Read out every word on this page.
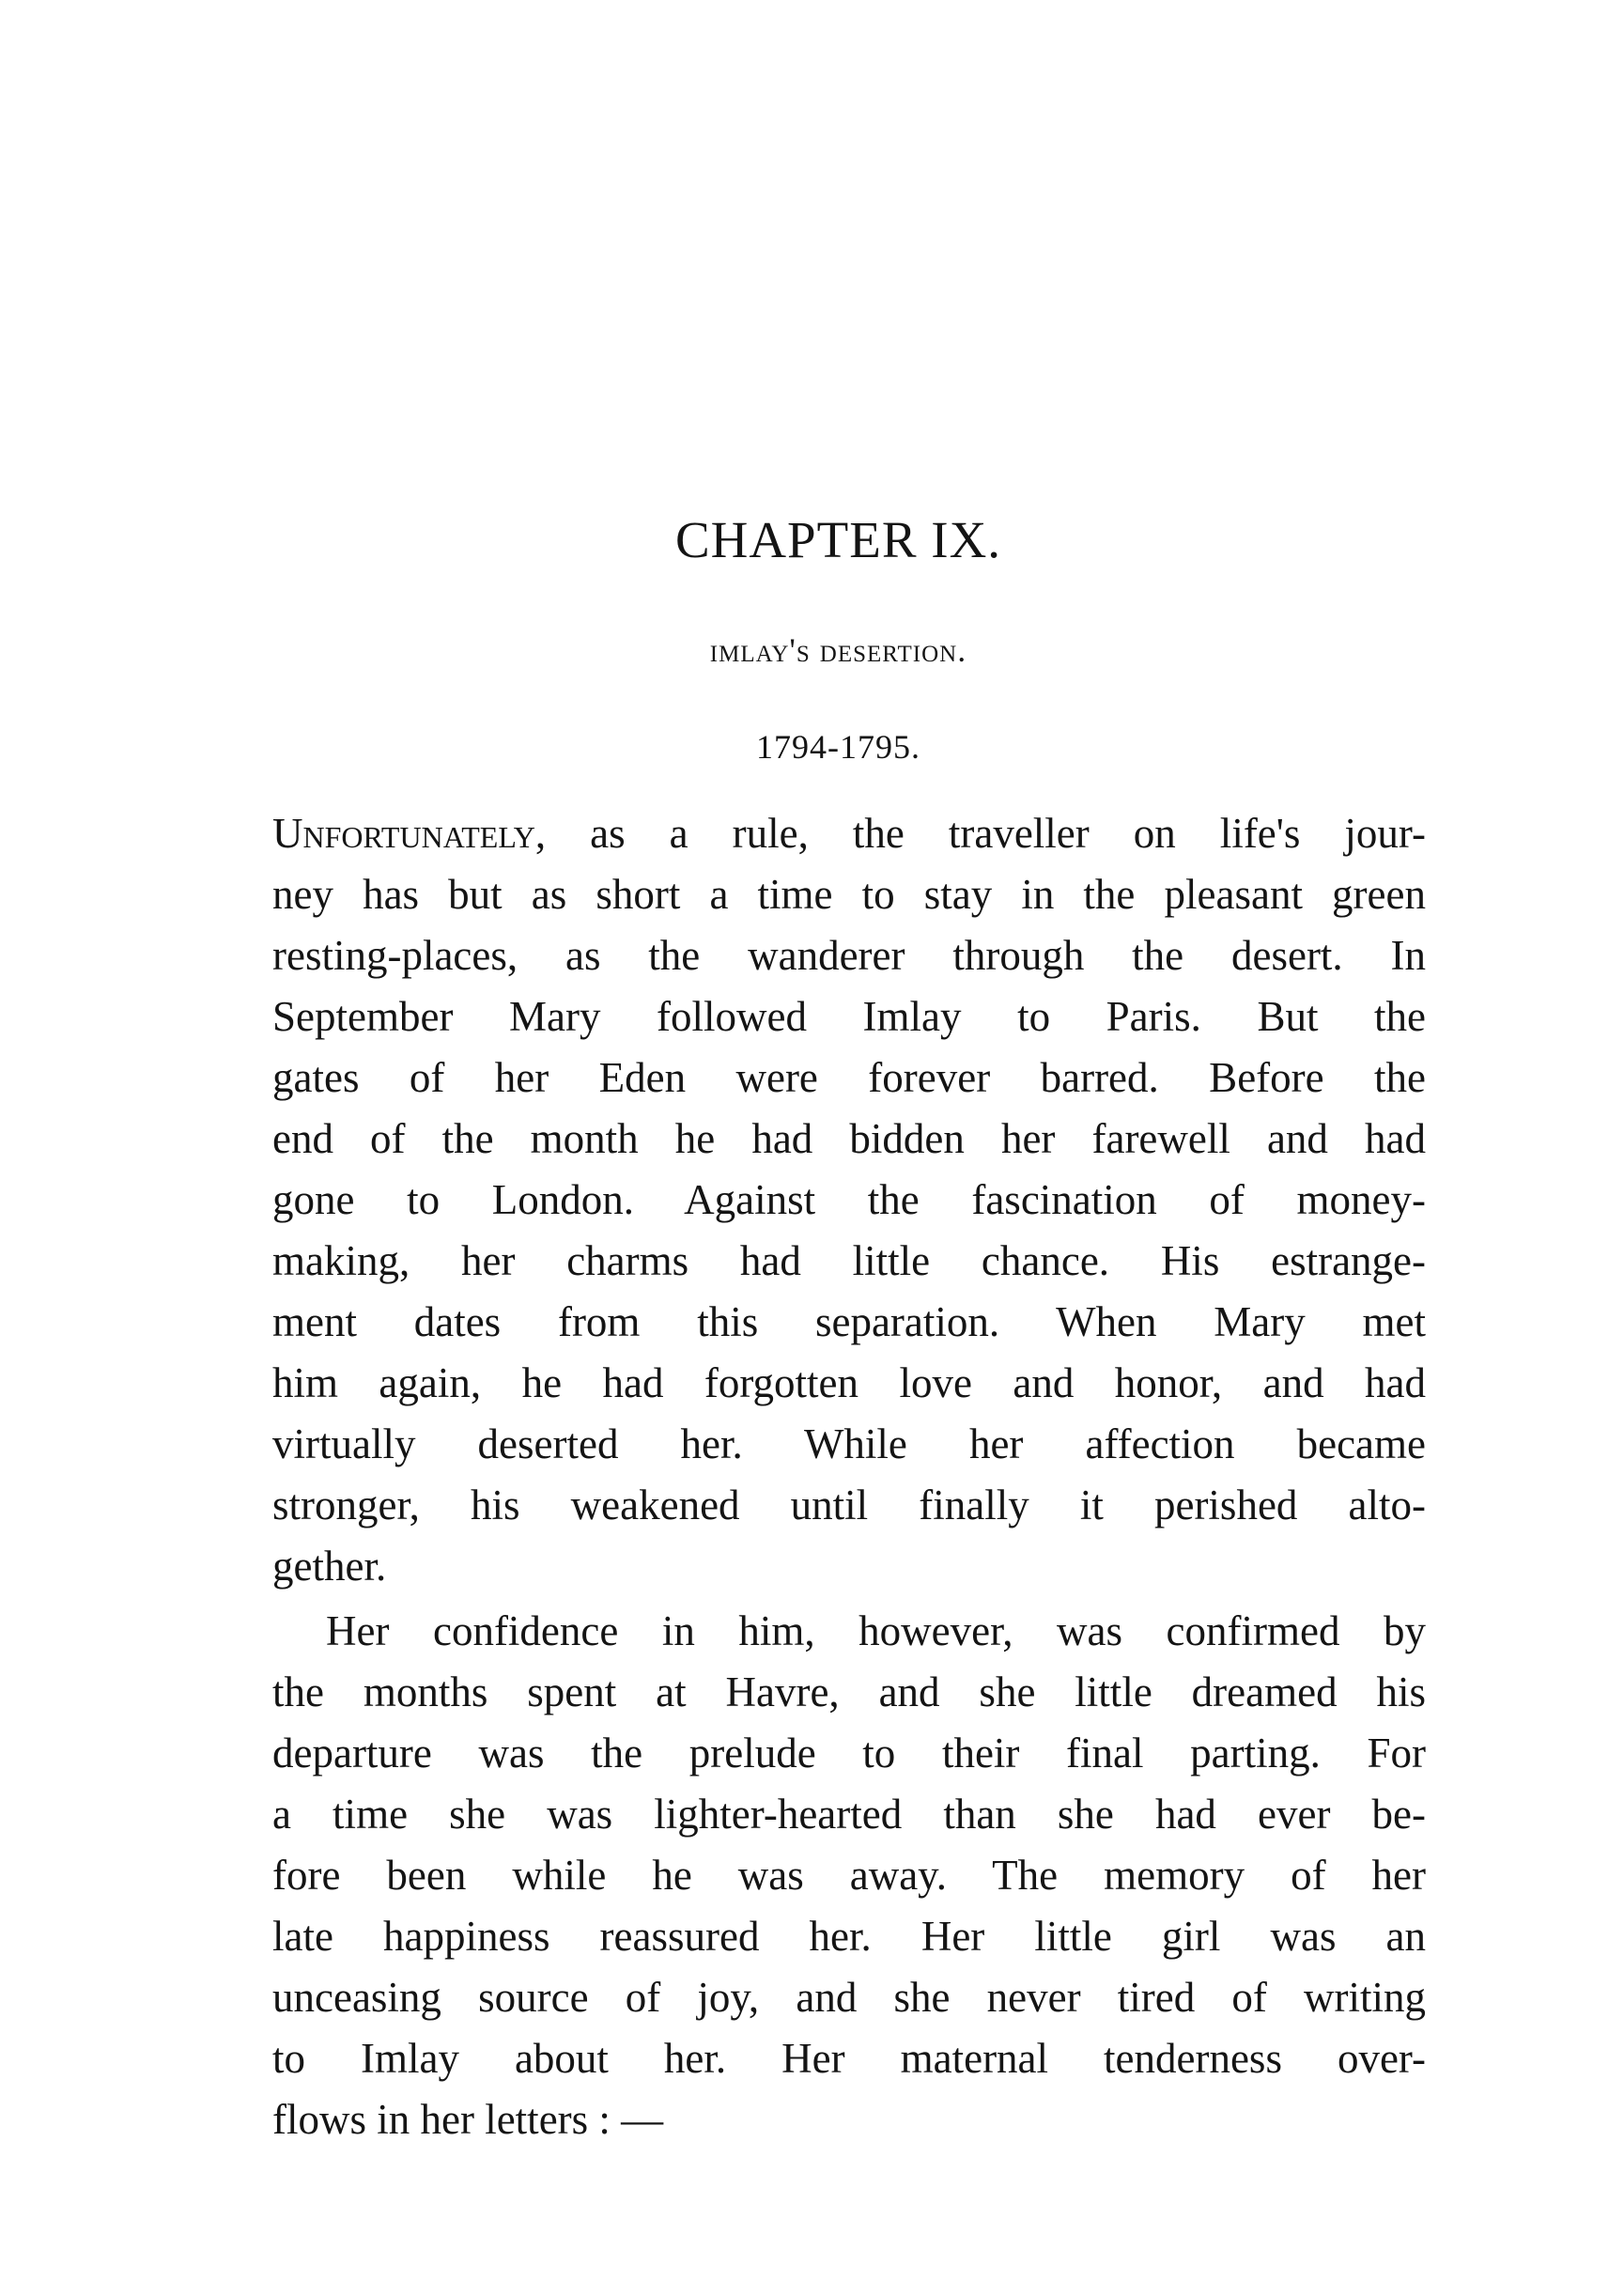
CHAPTER IX.
imlay's desertion.
1794-1795.
Unfortunately, as a rule, the traveller on life's jour-
ney has but as short a time to stay in the pleasant green
resting-places, as the wanderer through the desert. In
September Mary followed Imlay to Paris. But the
gates of her Eden were forever barred. Before the
end of the month he had bidden her farewell and had
gone to London. Against the fascination of money-
making, her charms had little chance. His estrange-
ment dates from this separation. When Mary met
him again, he had forgotten love and honor, and had
virtually deserted her. While her affection became
stronger, his weakened until finally it perished alto-
gether.
Her confidence in him, however, was confirmed by
the months spent at Havre, and she little dreamed his
departure was the prelude to their final parting. For
a time she was lighter-hearted than she had ever be-
fore been while he was away. The memory of her
late happiness reassured her. Her little girl was an
unceasing source of joy, and she never tired of writing
to Imlay about her. Her maternal tenderness over-
flows in her letters : —
